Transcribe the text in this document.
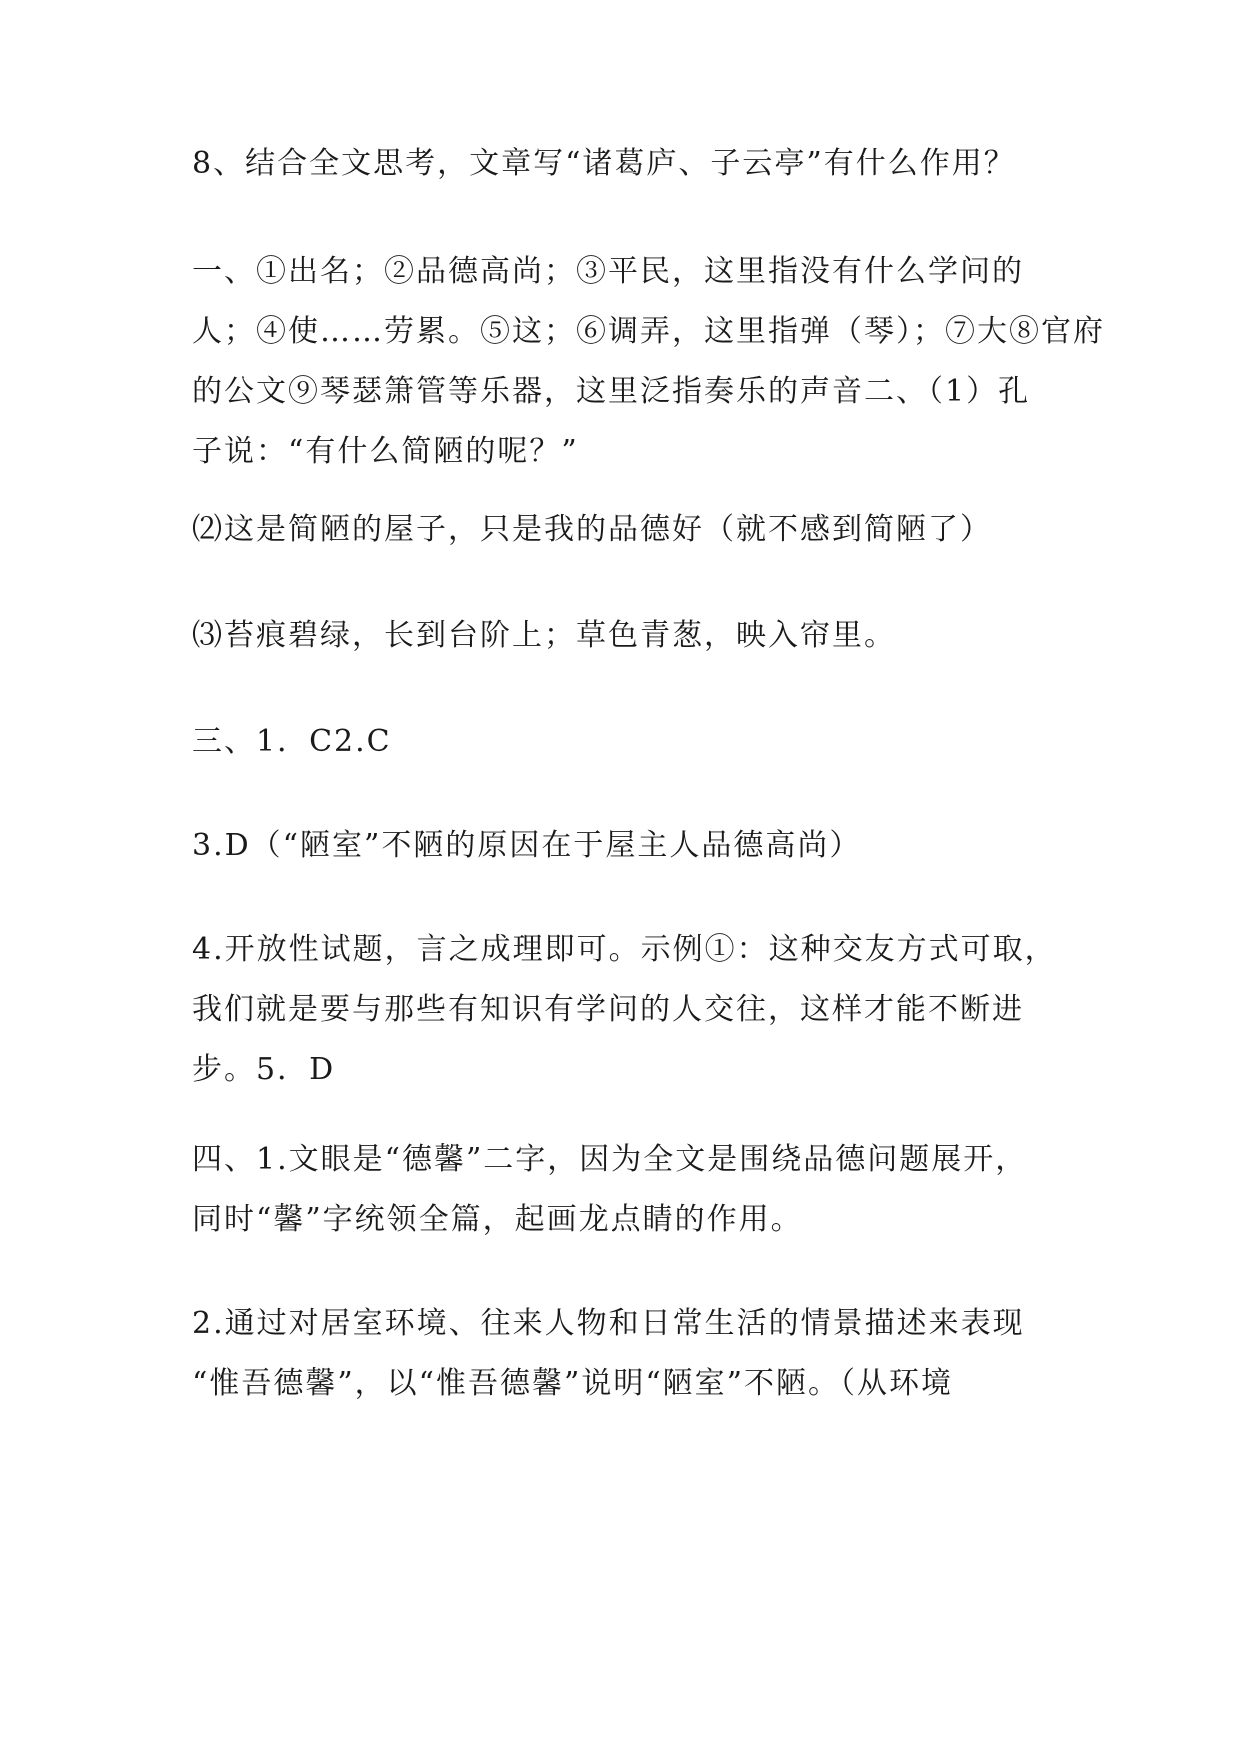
8、结合全文思考，文章写“诸葛庐、子云亭”有什么作用？

一、①出名；②品德高尚；③平民，这里指没有什么学问的
人；④使……劳累。⑤这；⑥调弄，这里指弹（琴）；⑦大⑧官府
的公文⑨琴瑟箫管等乐器，这里泛指奏乐的声音二、（1）孔
子说：“有什么简陋的呢？”

⑵这是简陋的屋子，只是我的品德好（就不感到简陋了）

⑶苔痕碧绿，长到台阶上；草色青葱，映入帘里。

三、1．C2.C

3.D（“陋室”不陋的原因在于屋主人品德高尚）

4.开放性试题，言之成理即可。示例①：这种交友方式可取，
我们就是要与那些有知识有学问的人交往，这样才能不断进
步。5．D

四、1.文眼是“德馨”二字，因为全文是围绕品德问题展开，
同时“馨”字统领全篇，起画龙点睛的作用。

2.通过对居室环境、往来人物和日常生活的情景描述来表现
“惟吾德馨”，以“惟吾德馨”说明“陋室”不陋。（从环境
